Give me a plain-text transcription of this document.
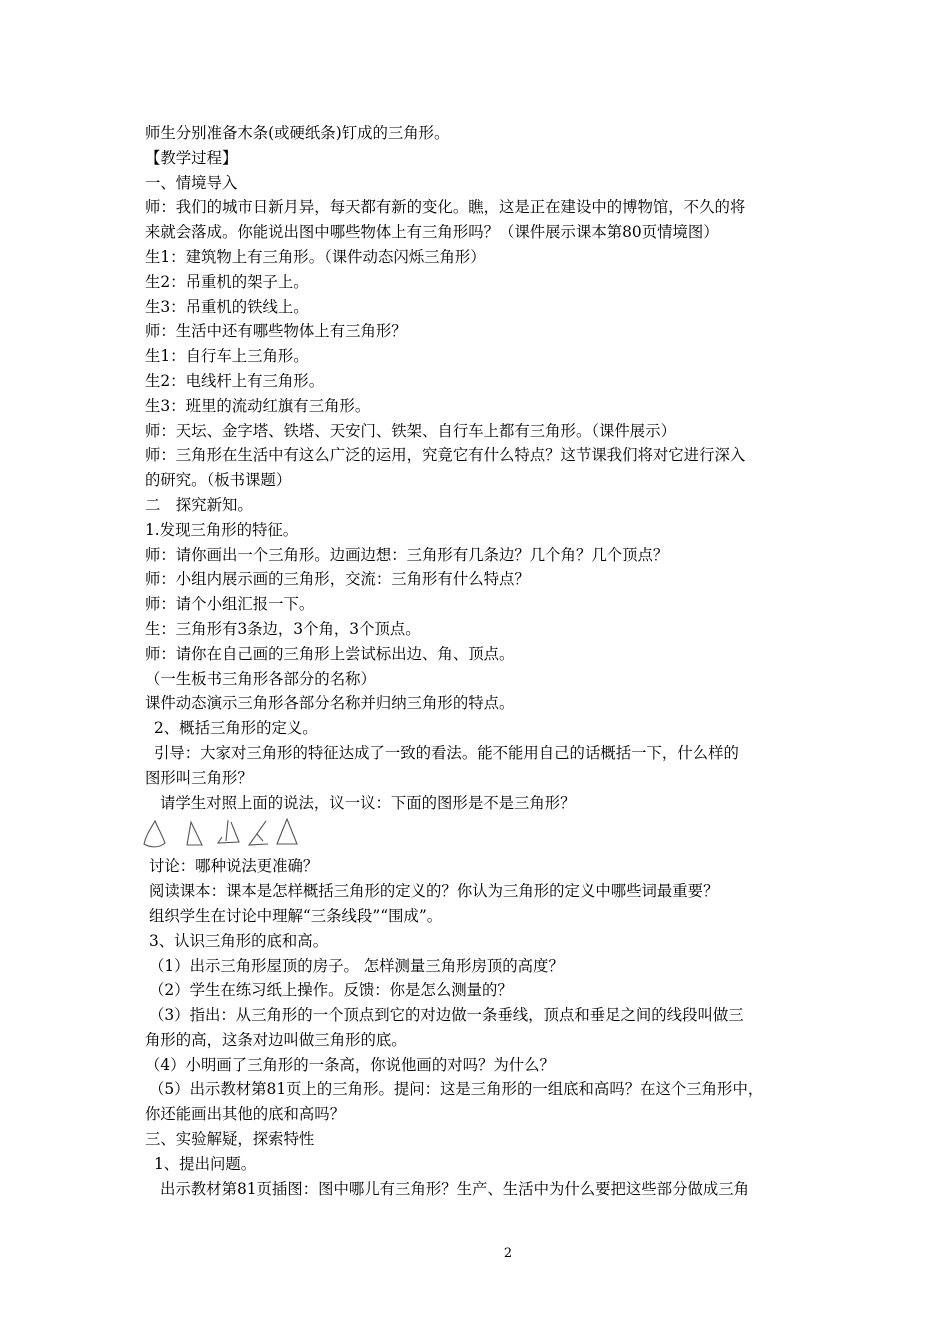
师生分别准备木条(或硬纸条)钉成的三角形。
【教学过程】
一、情境导入
师：我们的城市日新月异，每天都有新的变化。瞧，这是正在建设中的博物馆，不久的将
来就会落成。你能说出图中哪些物体上有三角形吗？（课件展示课本第80页情境图）
生1：建筑物上有三角形。（课件动态闪烁三角形）
生2：吊重机的架子上。
生3：吊重机的铁线上。
师：生活中还有哪些物体上有三角形？
生1：自行车上三角形。
生2：电线杆上有三角形。
生3：班里的流动红旗有三角形。
师：天坛、金字塔、铁塔、天安门、铁架、自行车上都有三角形。（课件展示）
师：三角形在生活中有这么广泛的运用，究竟它有什么特点？这节课我们将对它进行深入
的研究。（板书课题）
二　探究新知。
1.发现三角形的特征。
师：请你画出一个三角形。边画边想：三角形有几条边？几个角？几个顶点？
师：小组内展示画的三角形，交流：三角形有什么特点？
师：请个小组汇报一下。
生：三角形有3条边，3个角，3个顶点。
师：请你在自己画的三角形上尝试标出边、角、顶点。
（一生板书三角形各部分的名称）
课件动态演示三角形各部分名称并归纳三角形的特点。
2、概括三角形的定义。
引导：大家对三角形的特征达成了一致的看法。能不能用自己的话概括一下，什么样的
图形叫三角形？
请学生对照上面的说法，议一议：下面的图形是不是三角形？
讨论：哪种说法更准确？
阅读课本：课本是怎样概括三角形的定义的？你认为三角形的定义中哪些词最重要？
组织学生在讨论中理解“三条线段”“围成”。
3、认识三角形的底和高。
（1）出示三角形屋顶的房子。 怎样测量三角形房顶的高度？
（2）学生在练习纸上操作。反馈：你是怎么测量的？
（3）指出：从三角形的一个顶点到它的对边做一条垂线，顶点和垂足之间的线段叫做三
角形的高，这条对边叫做三角形的底。
（4）小明画了三角形的一条高，你说他画的对吗？为什么？
（5）出示教材第81页上的三角形。提问：这是三角形的一组底和高吗？在这个三角形中，
你还能画出其他的底和高吗？
三、实验解疑，探索特性
1、提出问题。
出示教材第81页插图：图中哪儿有三角形？生产、生活中为什么要把这些部分做成三角
2
